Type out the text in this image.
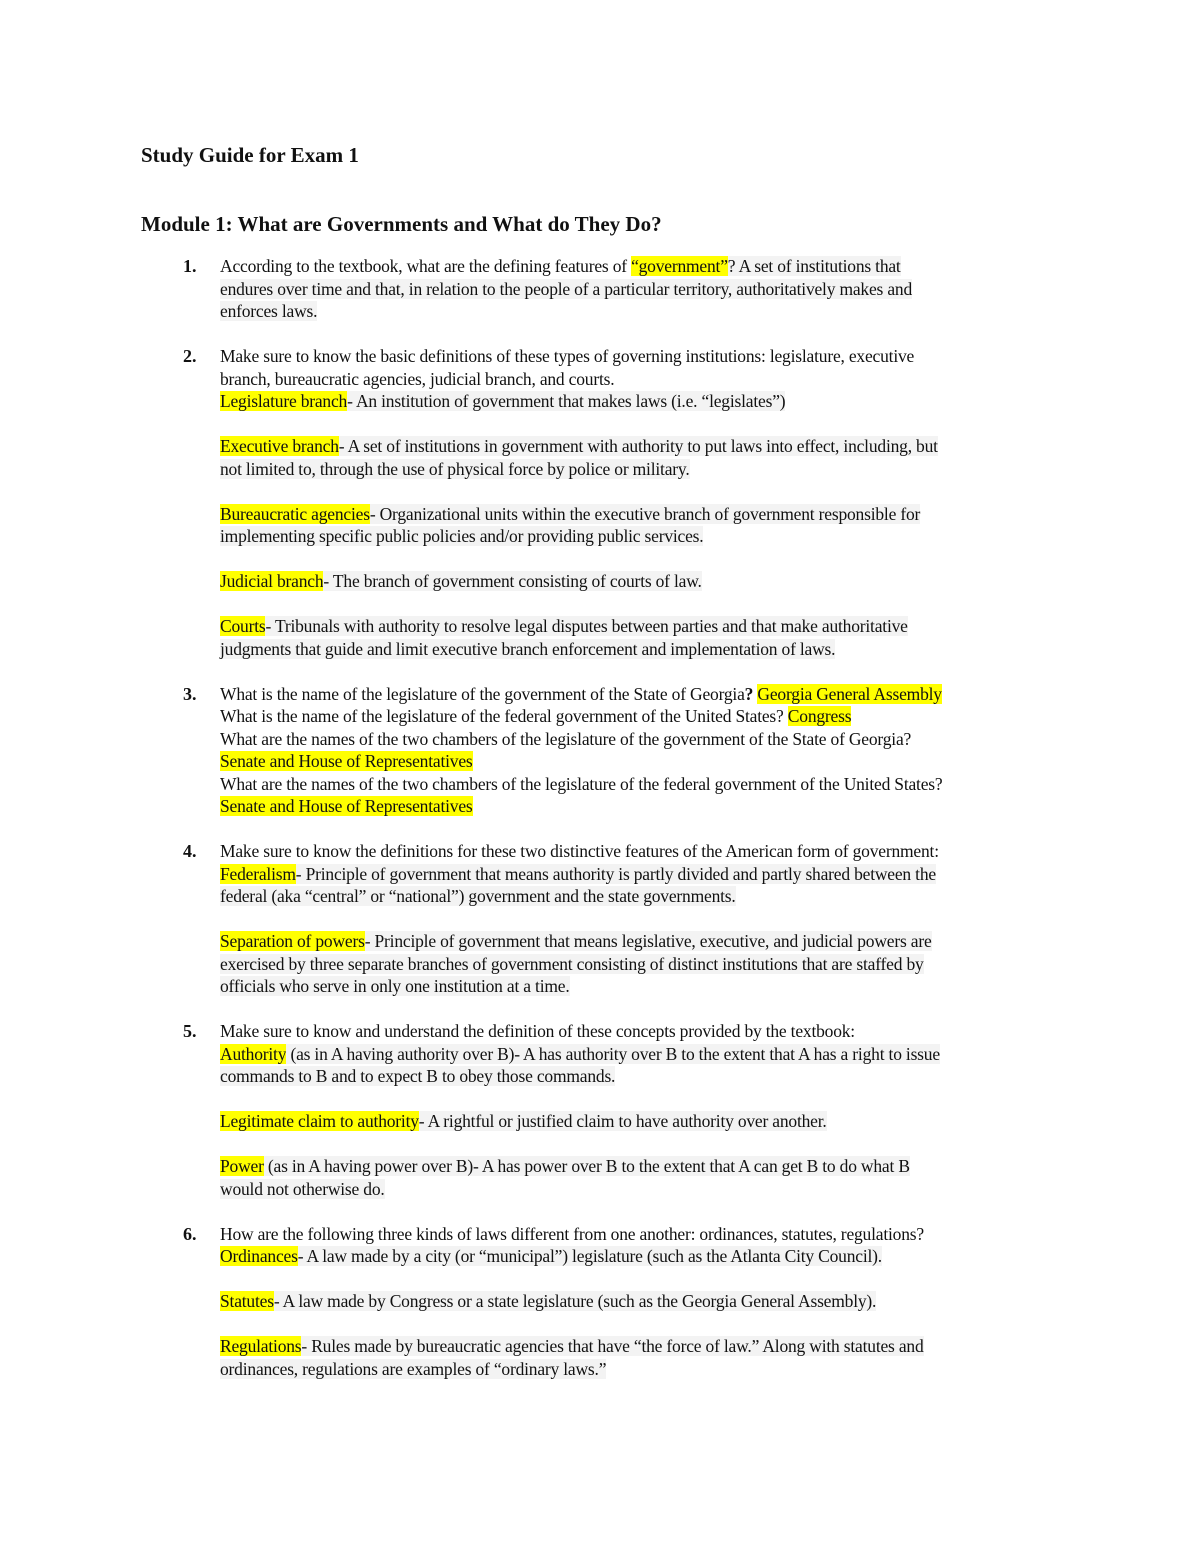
Study Guide for Exam 1
Module 1: What are Governments and What do They Do?
1. According to the textbook, what are the defining features of “government”? A set of institutions that
endures over time and that, in relation to the people of a particular territory, authoritatively makes and
enforces laws.
2. Make sure to know the basic definitions of these types of governing institutions: legislature, executive
branch, bureaucratic agencies, judicial branch, and courts.
Legislature branch- An institution of government that makes laws (i.e. “legislates”)
Executive branch- A set of institutions in government with authority to put laws into effect, including, but
not limited to, through the use of physical force by police or military.
Bureaucratic agencies- Organizational units within the executive branch of government responsible for
implementing specific public policies and/or providing public services.
Judicial branch- The branch of government consisting of courts of law.
Courts- Tribunals with authority to resolve legal disputes between parties and that make authoritative
judgments that guide and limit executive branch enforcement and implementation of laws.
3. What is the name of the legislature of the government of the State of Georgia? Georgia General Assembly
What is the name of the legislature of the federal government of the United States? Congress
What are the names of the two chambers of the legislature of the government of the State of Georgia?
Senate and House of Representatives
What are the names of the two chambers of the legislature of the federal government of the United States?
Senate and House of Representatives
4. Make sure to know the definitions for these two distinctive features of the American form of government:
Federalism- Principle of government that means authority is partly divided and partly shared between the
federal (aka “central” or “national”) government and the state governments.
Separation of powers- Principle of government that means legislative, executive, and judicial powers are
exercised by three separate branches of government consisting of distinct institutions that are staffed by
officials who serve in only one institution at a time.
5. Make sure to know and understand the definition of these concepts provided by the textbook:
Authority (as in A having authority over B)- A has authority over B to the extent that A has a right to issue
commands to B and to expect B to obey those commands.
Legitimate claim to authority- A rightful or justified claim to have authority over another.
Power (as in A having power over B)- A has power over B to the extent that A can get B to do what B
would not otherwise do.
6. How are the following three kinds of laws different from one another: ordinances, statutes, regulations?
Ordinances- A law made by a city (or “municipal”) legislature (such as the Atlanta City Council).
Statutes- A law made by Congress or a state legislature (such as the Georgia General Assembly).
Regulations- Rules made by bureaucratic agencies that have “the force of law.” Along with statutes and
ordinances, regulations are examples of “ordinary laws.”
